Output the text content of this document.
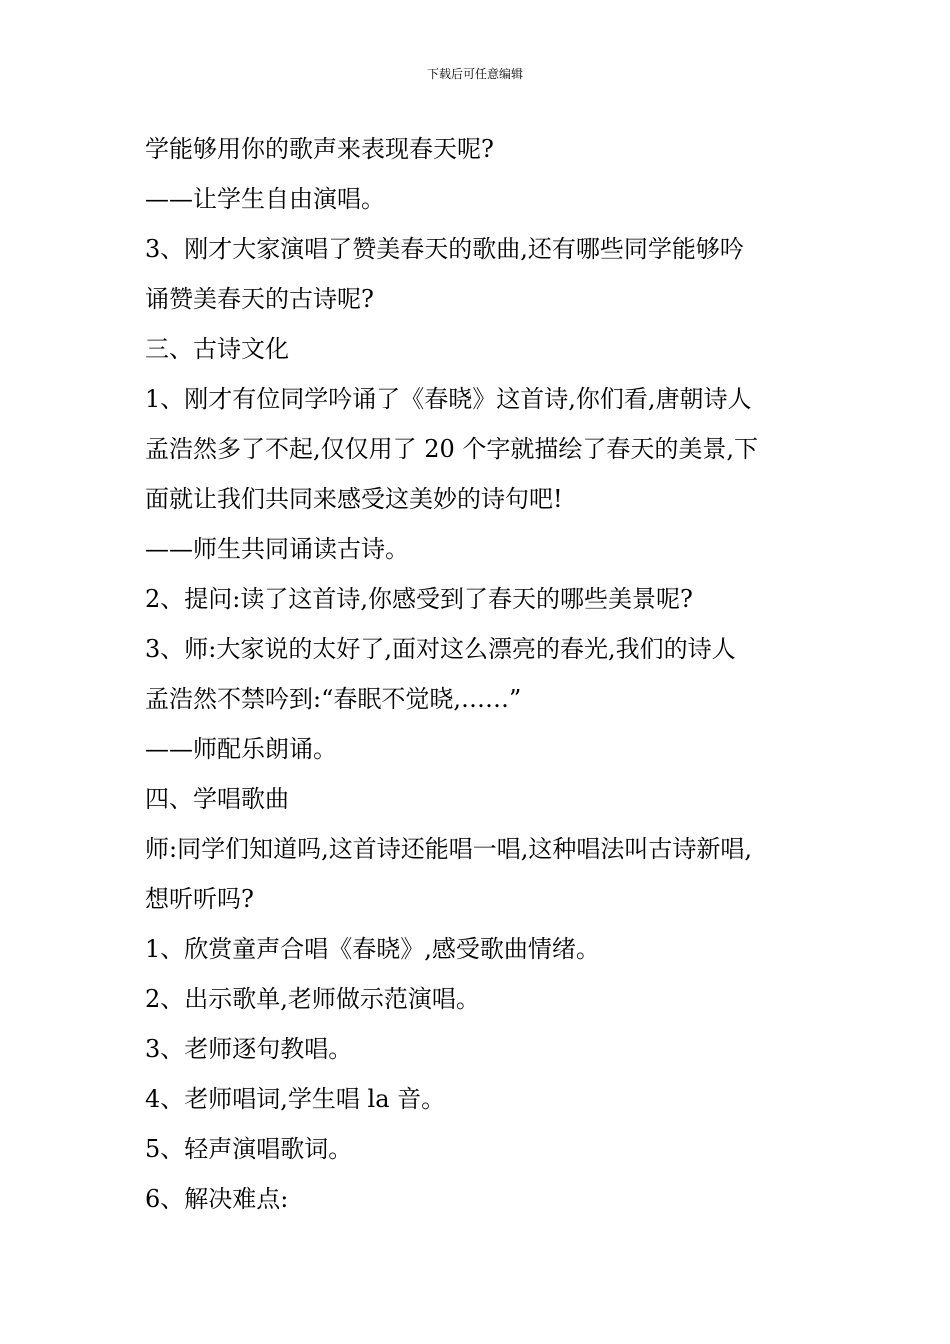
下载后可任意编辑
学能够用你的歌声来表现春天呢?
——让学生自由演唱。
3、刚才大家演唱了赞美春天的歌曲,还有哪些同学能够吟
诵赞美春天的古诗呢?
三、古诗文化
1、刚才有位同学吟诵了《春晓》这首诗,你们看,唐朝诗人
孟浩然多了不起,仅仅用了 20 个字就描绘了春天的美景,下
面就让我们共同来感受这美妙的诗句吧!
——师生共同诵读古诗。
2、提问:读了这首诗,你感受到了春天的哪些美景呢?
3、师:大家说的太好了,面对这么漂亮的春光,我们的诗人
孟浩然不禁吟到:“春眠不觉晓,……”
——师配乐朗诵。
四、学唱歌曲
师:同学们知道吗,这首诗还能唱一唱,这种唱法叫古诗新唱,
想听听吗?
1、欣赏童声合唱《春晓》,感受歌曲情绪。
2、出示歌单,老师做示范演唱。
3、老师逐句教唱。
4、老师唱词,学生唱 la 音。
5、轻声演唱歌词。
6、解决难点:
